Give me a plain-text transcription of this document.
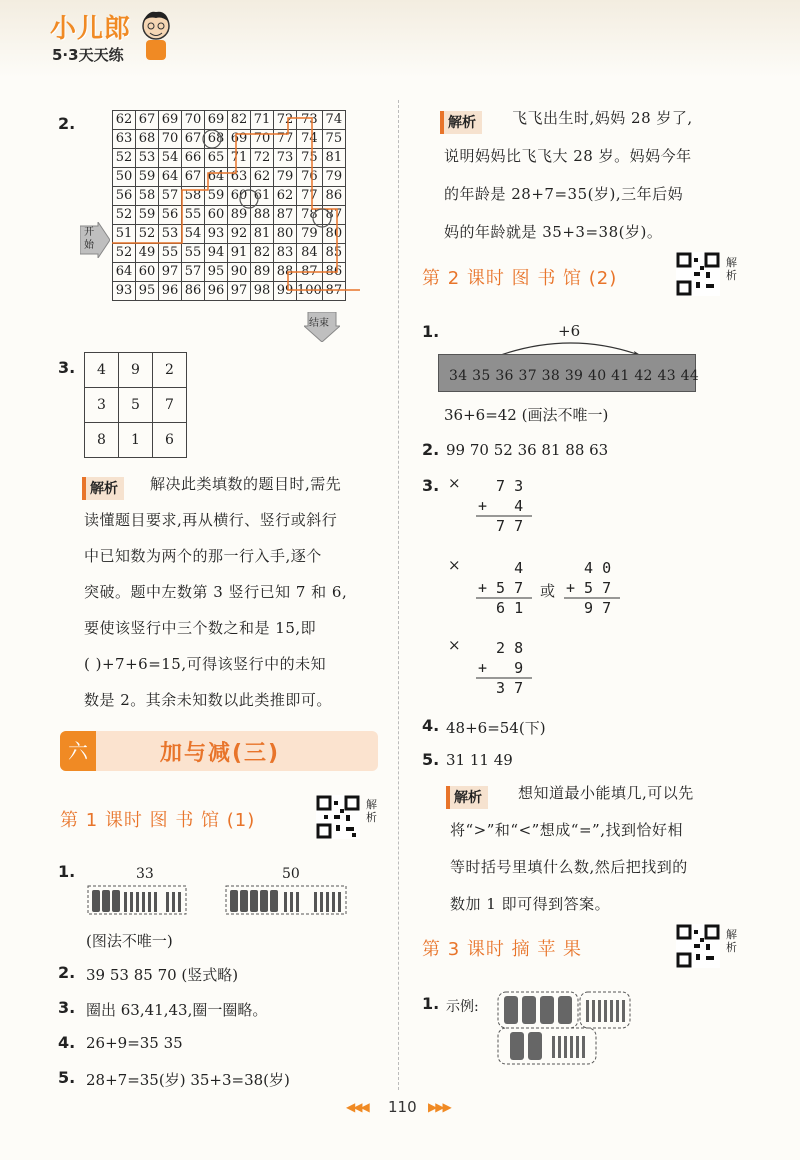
小儿郎
5·3天天练
2.	62	67	69	70	69	82	71	72	73	74
63	68	70	67	68	69	70	77	74	75
52	53	54	66	65	71	72	73	75	81
50	59	64	67	64	63	62	79	76	79
56	58	57	58	59	60	61	62	77	86
52	59	56	55	60	89	88	87	78	87
51	52	53	54	93	92	81	80	79	80
52	49	55	55	94	91	82	83	84	85
64	60	97	57	95	90	89	88	87	86
93	95	96	86	96	97	98	99	100	87
开始
结束
3. 4	9	2
3	5	7
8	1	6
解析	解决此类填数的题目时,需先
读懂题目要求,再从横行、竖行或斜行
中已知数为两个的那一行入手,逐个
突破。题中左数第 3 竖行已知 7 和 6,
要使该竖行中三个数之和是 15,即
( )+7+6=15,可得该竖行中的未知
数是 2。其余未知数以此类推即可。
六	加与减(三)
第 1 课时 图 书 馆 (1)
解析
1.	33	50
(图法不唯一)
2. 39 53 85 70 (竖式略)
3. 圈出 63,41,43,圈一圈略。
4. 26+9=35 35
5. 28+7=35(岁) 35+3=38(岁)
解析	飞飞出生时,妈妈 28 岁了,
说明妈妈比飞飞大 28 岁。妈妈今年
的年龄是 28+7=35(岁),三年后妈
妈的年龄就是 35+3=38(岁)。
第 2 课时 图 书 馆 (2)
解析
1.	+6
34 35 36 37 38 39 40 41 42 43 44
36+6=42 (画法不唯一)
2. 99 70 52 36 81 88 63
3. ×	7 3
+   4
7 7
×	4
+ 5 7
6 1
或
4 0
+ 5 7
9 7
×	2 8
+   9
3 7
4. 48+6=54(下)
5. 31 11 49
解析	想知道最小能填几,可以先
将“>”和“<”想成“=”,找到恰好相
等时括号里填什么数,然后把找到的
数加 1 即可得到答案。
第 3 课时 摘 苹 果
解析
1. 示例:
◀◀◀ 110 ▶▶▶
